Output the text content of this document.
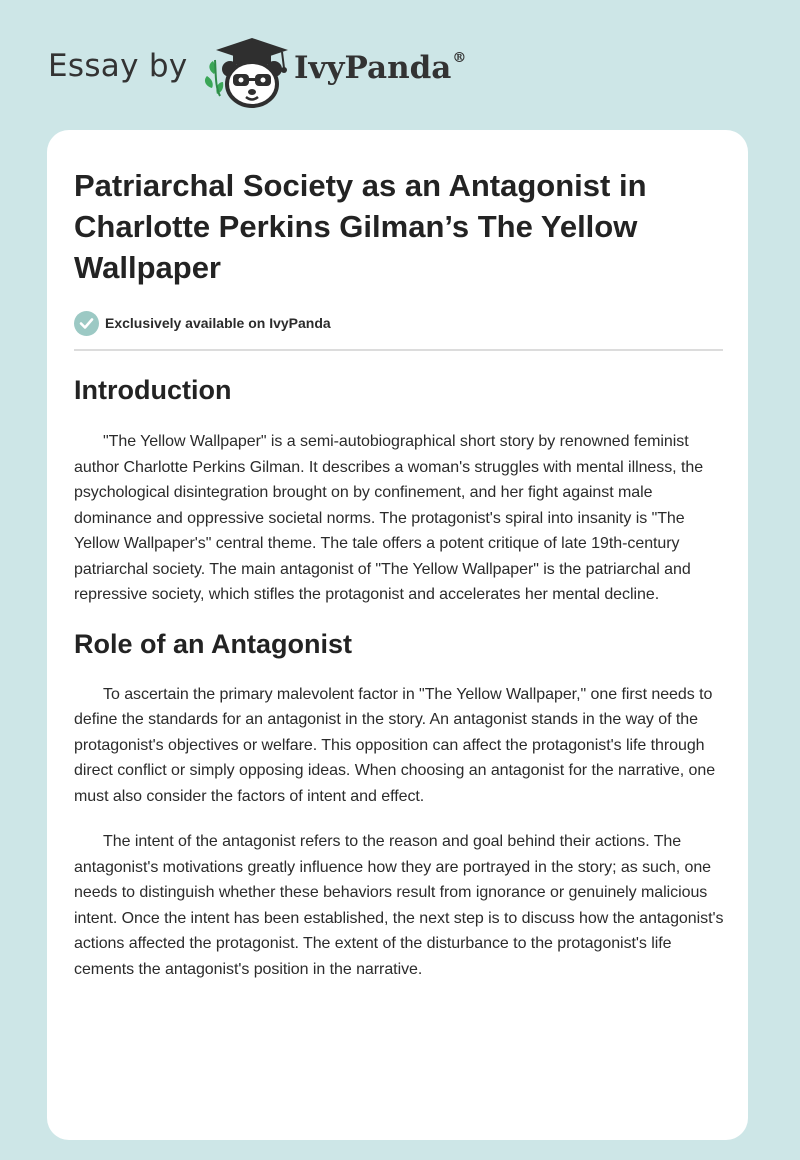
Essay by	IvyPanda®
Patriarchal Society as an Antagonist in Charlotte Perkins Gilman’s The Yellow Wallpaper
Exclusively available on IvyPanda
Introduction

"The Yellow Wallpaper" is a semi-autobiographical short story by renowned feminist author Charlotte Perkins Gilman. It describes a woman's struggles with mental illness, the psychological disintegration brought on by confinement, and her fight against male dominance and oppressive societal norms. The protagonist's spiral into insanity is "The Yellow Wallpaper's" central theme. The tale offers a potent critique of late 19th-century patriarchal society. The main antagonist of "The Yellow Wallpaper" is the patriarchal and repressive society, which stifles the protagonist and accelerates her mental decline.

Role of an Antagonist

To ascertain the primary malevolent factor in "The Yellow Wallpaper," one first needs to define the standards for an antagonist in the story. An antagonist stands in the way of the protagonist's objectives or welfare. This opposition can affect the protagonist's life through direct conflict or simply opposing ideas. When choosing an antagonist for the narrative, one must also consider the factors of intent and effect.

The intent of the antagonist refers to the reason and goal behind their actions. The antagonist's motivations greatly influence how they are portrayed in the story; as such, one needs to distinguish whether these behaviors result from ignorance or genuinely malicious intent. Once the intent has been established, the next step is to discuss how the antagonist's actions affected the protagonist. The extent of the disturbance to the protagonist's life cements the antagonist's position in the narrative.
